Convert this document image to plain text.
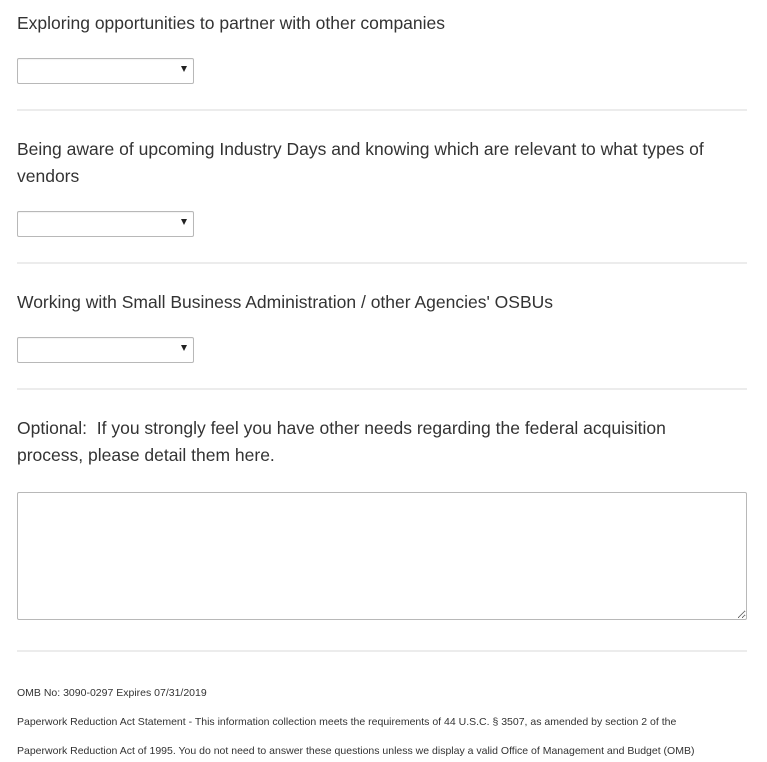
Exploring opportunities to partner with other companies
Being aware of upcoming Industry Days and knowing which are relevant to what types of vendors
Working with Small Business Administration / other Agencies' OSBUs
Optional:  If you strongly feel you have other needs regarding the federal acquisition process, please detail them here.
OMB No: 3090-0297 Expires 07/31/2019
Paperwork Reduction Act Statement - This information collection meets the requirements of 44 U.S.C. § 3507, as amended by section 2 of the
Paperwork Reduction Act of 1995. You do not need to answer these questions unless we display a valid Office of Management and Budget (OMB)
